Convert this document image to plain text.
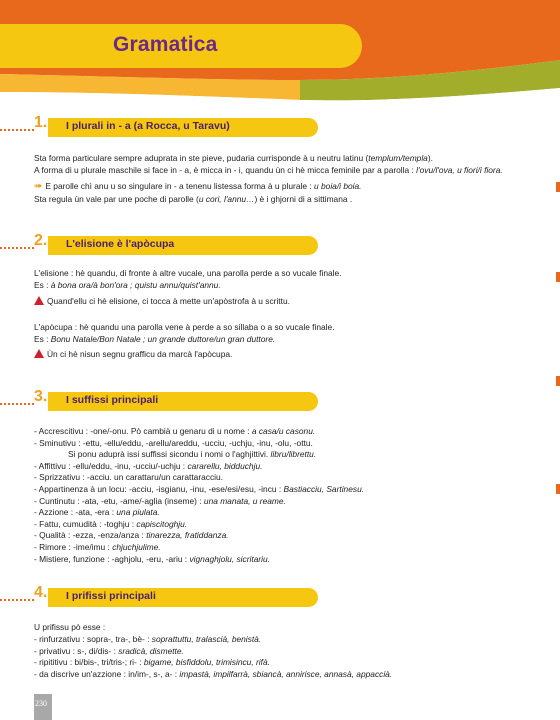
Gramatica
1. I plurali in - a (a Rocca, u Taravu)
Sta forma particulare sempre aduprata in ste pieve, pudaria currisponde à u neutru latinu (templum/templa).
A forma di u plurale maschile si face in - a, è micca in - i, quandu ùn ci hè micca feminile par a parolla : l'ovu/l'ova, u fiori/i fiora.
➠ E parolle chì anu u so singulare in - a tenenu listessa forma à u plurale : u boia/i boia.
Sta regula ùn vale par une poche di parolle (u cori, l'annu…) è i ghjorni di a sittimana .
2. L'elisione è l'apòcupa
L'elisione : hè quandu, di fronte à altre vucale, una parolla perde a so vucale finale.
Es : à bona ora/à bon'ora ; quistu annu/quist'annu.
Quand'ellu ci hè elisione, ci tocca à mette un'apòstrofa à u scrittu.
L'apòcupa : hè quandu una parolla vene à perde a so sillaba o a so vucale finale.
Es : Bonu Natale/Bon Natale ; un grande duttore/un gran duttore.
Ùn ci hè nisun segnu grafficu da marcà l'apòcupa.
3. I suffissi principali
- Accrescitivu : -one/-onu. Pò cambià u genaru di u nome : a casa/u casonu.
- Sminutivu : -ettu, -ellu/eddu, -arellu/areddu, -ucciu, -uchju, -inu, -olu, -ottu.
Si ponu aduprà issi suffissi sicondu i nomi o l'aghjittivi. libru/librettu.
- Affittivu : -ellu/eddu, -inu, -ucciu/-uchju : cararellu, bidduchju.
- Sprizzativu : -acciu. un carattaru/un carattaracciu.
- Appartinenza à un locu: -acciu, -isgianu, -inu, -ese/esi/esu, -incu : Bastiacciu, Sartinesu.
- Cuntinutu : -ata, -etu, -ame/-aglia (inseme) : una manata, u reame.
- Azzione : -ata, -era : una piulata.
- Fattu, cumudità : -toghju : capiscitoghju.
- Qualità : -ezza, -enza/anza : tinarezza, fratiddanza.
- Rimore : -ime/imu : chjuchjulime.
- Mistiere, funzione : -aghjolu, -eru, -ariu : vignaghjolu, sicritariu.
4. I prifissi principali
U prifissu pò esse :
- rinfurzativu : sopra-, tra-, bè- : soprattuttu, tralascià, benistà.
- privativu : s-, di/dis- : sradicà, dismette.
- ripititivu : bi/bis-, tri/tris-; ri- : bigame, bisfiddolu, trimisincu, rifà.
- da discrive un'azzione : in/im-, s-, a- : impastà, impilfarrà, sbiancà, annirisce, annasà, appaccià.
230
